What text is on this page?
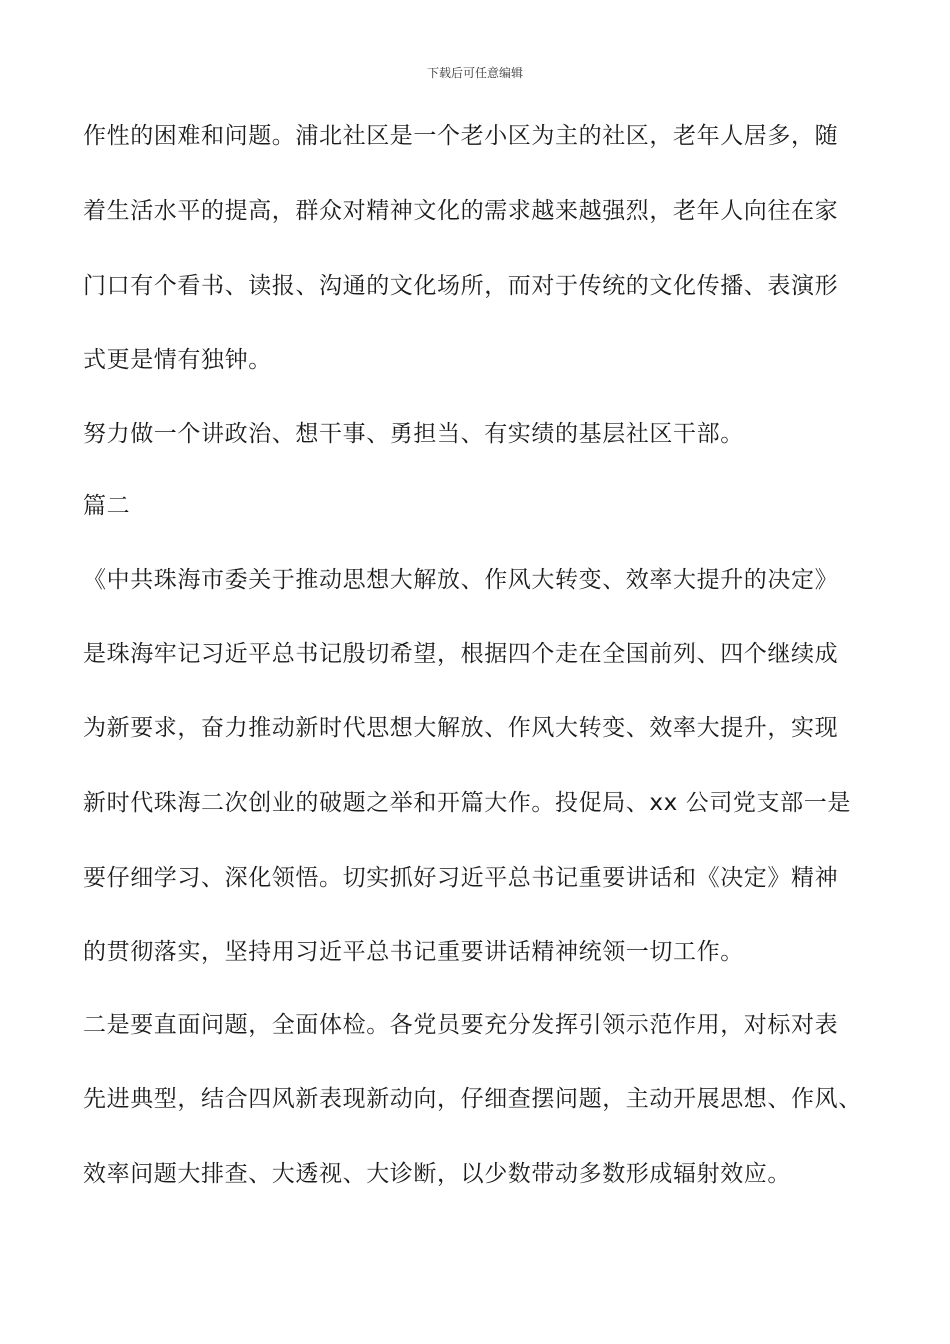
下载后可任意编辑
作性的困难和问题。浦北社区是一个老小区为主的社区，老年人居多，随
着生活水平的提高，群众对精神文化的需求越来越强烈，老年人向往在家
门口有个看书、读报、沟通的文化场所，而对于传统的文化传播、表演形
式更是情有独钟。
努力做一个讲政治、想干事、勇担当、有实绩的基层社区干部。
篇二
《中共珠海市委关于推动思想大解放、作风大转变、效率大提升的决定》
是珠海牢记习近平总书记殷切希望，根据四个走在全国前列、四个继续成
为新要求，奋力推动新时代思想大解放、作风大转变、效率大提升，实现
新时代珠海二次创业的破题之举和开篇大作。投促局、xx 公司党支部一是
要仔细学习、深化领悟。切实抓好习近平总书记重要讲话和《决定》精神
的贯彻落实，坚持用习近平总书记重要讲话精神统领一切工作。
二是要直面问题，全面体检。各党员要充分发挥引领示范作用，对标对表
先进典型，结合四风新表现新动向，仔细查摆问题，主动开展思想、作风、
效率问题大排查、大透视、大诊断，以少数带动多数形成辐射效应。
